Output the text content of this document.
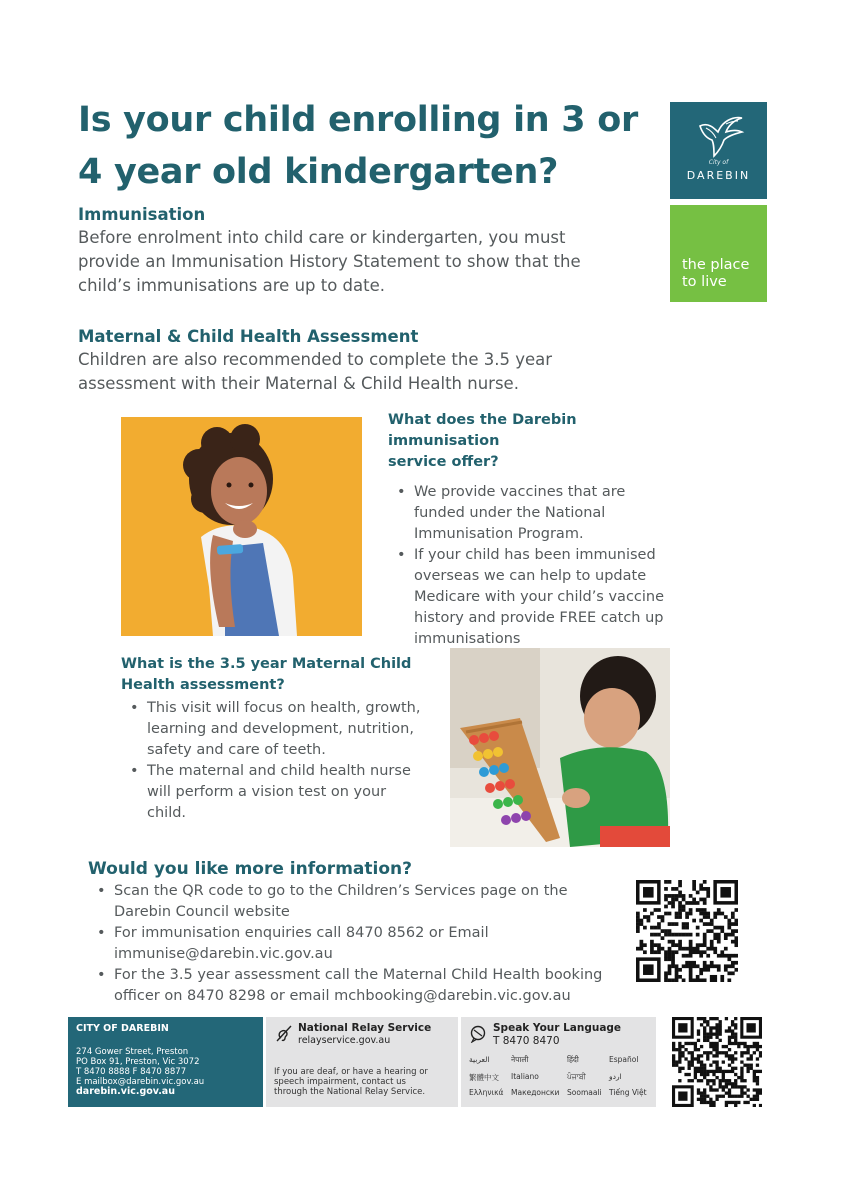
Is your child enrolling in 3 or
4 year old kindergarten?	City of
DAREBIN
the place
to live
Immunisation
Before enrolment into child care or kindergarten, you must
provide an Immunisation History Statement to show that the
child’s immunisations are up to date.
Maternal & Child Health Assessment
Children are also recommended to complete the 3.5 year
assessment with their Maternal & Child Health nurse.
What does the Darebin immunisation
service offer?
• We provide vaccines that are
funded under the National
Immunisation Program.
• If your child has been immunised
overseas we can help to update
Medicare with your child’s vaccine
history and provide FREE catch up
immunisations
What is the 3.5 year Maternal Child
Health assessment?
• This visit will focus on health, growth,
learning and development, nutrition,
safety and care of teeth.
• The maternal and child health nurse
will perform a vision test on your
child.
Would you like more information?
• Scan the QR code to go to the Children’s Services page on the
Darebin Council website
• For immunisation enquiries call 8470 8562 or Email
immunise@darebin.vic.gov.au
• For the 3.5 year assessment call the Maternal Child Health booking
officer on 8470 8298 or email mchbooking@darebin.vic.gov.au
CITY OF DAREBIN
274 Gower Street, Preston
PO Box 91, Preston, Vic 3072
T 8470 8888 F 8470 8877
E mailbox@darebin.vic.gov.au
darebin.vic.gov.au
National Relay Service
relayservice.gov.au
If you are deaf, or have a hearing or
speech impairment, contact us
through the National Relay Service.
Speak Your Language
T 8470 8470
العربية	नेपाली	हिंदी	Español
繁體中文 Italiano	ਪੰਜਾਬੀ	اردو
Ελληνικά Македонски Soomaali Tiếng Việt
